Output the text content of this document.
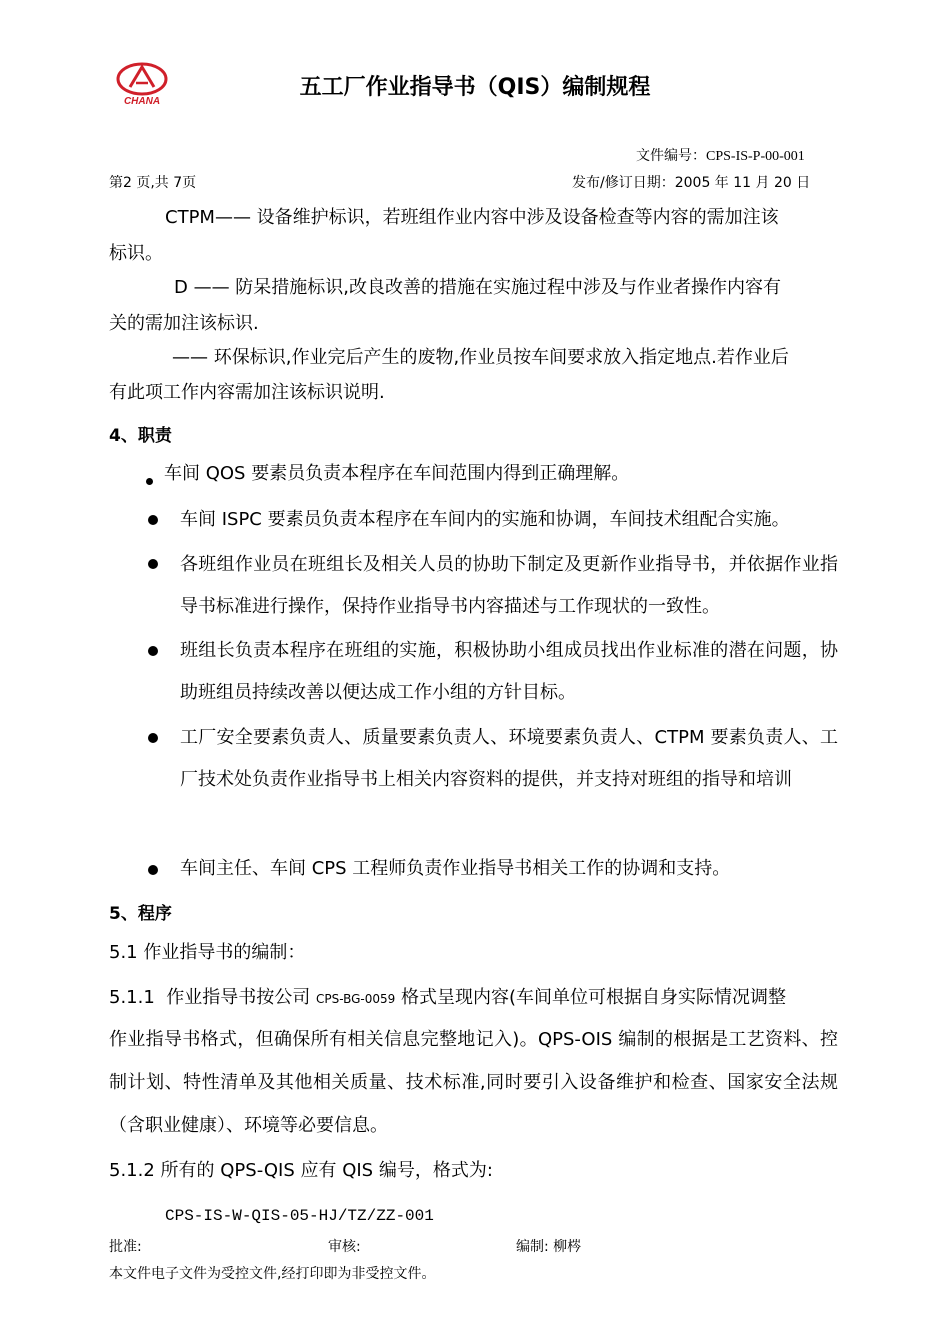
CHANA
五工厂作业指导书（QIS）编制规程
文件编号：CPS-IS-P-00-001
第2 页,共 7页	发布/修订日期：2005 年 11 月 20 日
CTPM—— 设备维护标识，若班组作业内容中涉及设备检查等内容的需加注该
标识。
D —— 防呆措施标识,改良改善的措施在实施过程中涉及与作业者操作内容有
关的需加注该标识.
—— 环保标识,作业完后产生的废物,作业员按车间要求放入指定地点.若作业后
有此项工作内容需加注该标识说明.
4、职责
车间 QOS 要素员负责本程序在车间范围内得到正确理解。
车间 ISPC 要素员负责本程序在车间内的实施和协调，车间技术组配合实施。
各班组作业员在班组长及相关人员的协助下制定及更新作业指导书，并依据作业指导书标准进行操作，保持作业指导书内容描述与工作现状的一致性。
班组长负责本程序在班组的实施，积极协助小组成员找出作业标准的潜在问题，协助班组员持续改善以便达成工作小组的方针目标。
工厂安全要素负责人、质量要素负责人、环境要素负责人、CTPM 要素负责人、工厂技术处负责作业指导书上相关内容资料的提供，并支持对班组的指导和培训
车间主任、车间 CPS 工程师负责作业指导书相关工作的协调和支持。
5、程序
5.1 作业指导书的编制：
5.1.1  作业指导书按公司 CPS-BG-0059 格式呈现内容(车间单位可根据自身实际情况调整
作业指导书格式，但确保所有相关信息完整地记入)。QPS-OIS 编制的根据是工艺资料、控制计划、特性清单及其他相关质量、技术标准,同时要引入设备维护和检查、国家安全法规（含职业健康）、环境等必要信息。
5.1.2 所有的 QPS-QIS 应有 QIS 编号，格式为:
CPS-IS-W-QIS-05-HJ/TZ/ZZ-001
批准:	审核:	编制: 柳梣
本文件电子文件为受控文件,经打印即为非受控文件。
